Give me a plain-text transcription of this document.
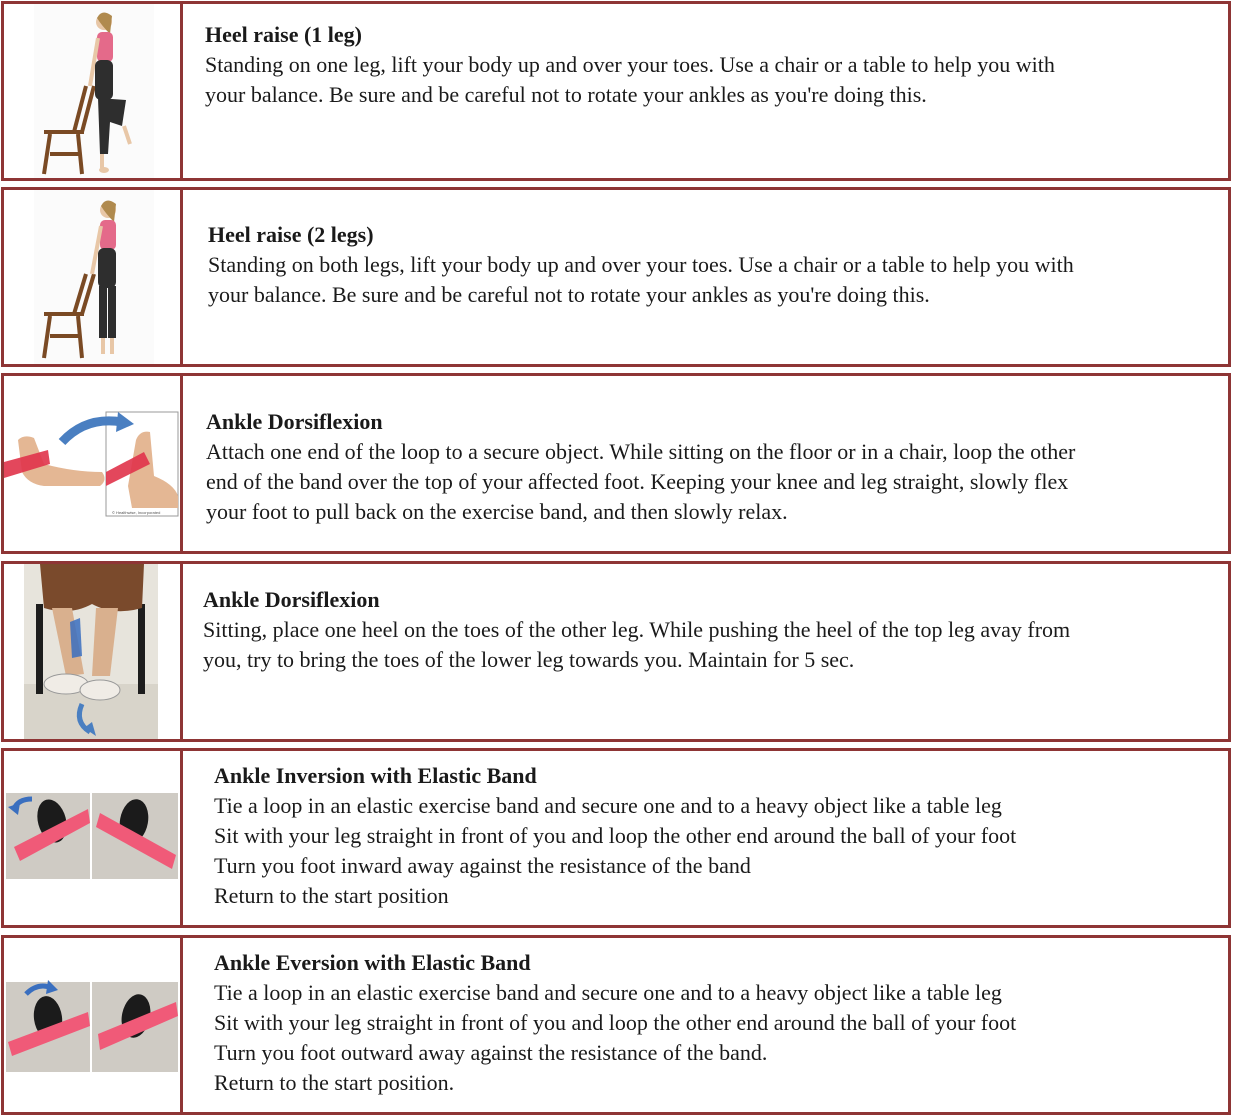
Heel raise (1 leg)

Standing on one leg, lift your body up and over your toes. Use a chair or a table to help you with

your balance. Be sure and be careful not to rotate your ankles as you're doing this.

Heel raise (2 legs)

Standing on both legs, lift your body up and over your toes. Use a chair or a table to help you with

your balance. Be sure and be careful not to rotate your ankles as you're doing this.

© Healthwise, Incorporated

Ankle Dorsiflexion

Attach one end of the loop to a secure object. While sitting on the floor or in a chair, loop the other

end of the band over the top of your affected foot. Keeping your knee and leg straight, slowly flex

your foot to pull back on the exercise band, and then slowly relax.

Ankle Dorsiflexion

Sitting, place one heel on the toes of the other leg. While pushing the heel of the top leg avay from

you, try to bring the toes of the lower leg towards you. Maintain for 5 sec.

Ankle Inversion with Elastic Band

Tie a loop in an elastic exercise band and secure one and to a heavy object like a table leg

Sit with your leg straight in front of you and loop the other end around the ball of your foot

Turn you foot inward away against the resistance of the band

Return to the start position

Ankle Eversion with Elastic Band

Tie a loop in an elastic exercise band and secure one and to a heavy object like a table leg

Sit with your leg straight in front of you and loop the other end around the ball of your foot

Turn you foot outward away against the resistance of the band.

Return to the start position.
